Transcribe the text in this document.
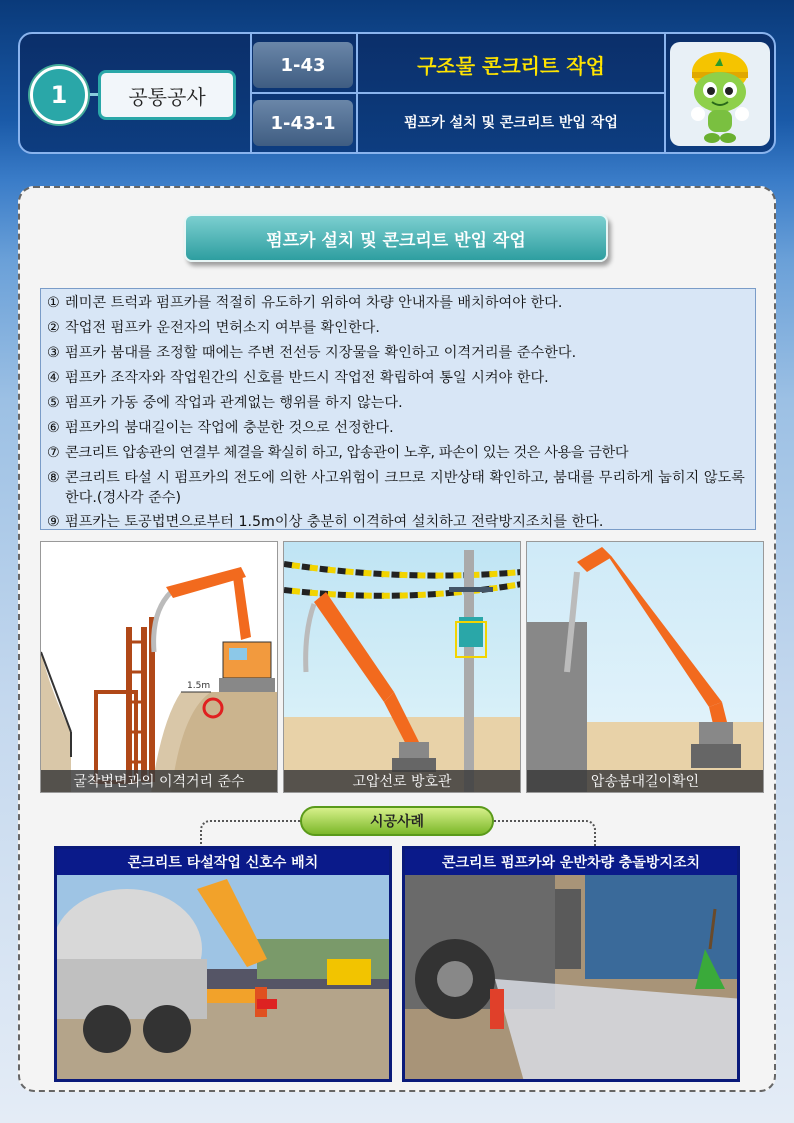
1	공통공사
1-43
1-43-1
구조물 콘크리트 작업
펌프카 설치 및 콘크리트 반입 작업
펌프카 설치 및 콘크리트 반입 작업
① 레미콘 트럭과 펌프카를 적절히 유도하기 위하여 차량 안내자를 배치하여야 한다.
② 작업전 펌프카 운전자의 면허소지 여부를 확인한다.
③ 펌프카 붐대를 조정할 때에는 주변 전선등 지장물을 확인하고 이격거리를 준수한다.
④ 펌프카 조작자와 작업원간의 신호를 반드시 작업전 확립하여 통일 시켜야 한다.
⑤ 펌프카 가동 중에 작업과 관계없는 행위를 하지 않는다.
⑥ 펌프카의 붐대길이는 작업에 충분한 것으로 선정한다.
⑦ 콘크리트 압송관의 연결부 체결을 확실히 하고, 압송관이 노후, 파손이 있는 것은 사용을 금한다
⑧ 콘크리트 타설 시 펌프카의 전도에 의한 사고위험이 크므로 지반상태 확인하고, 붐대를 무리하게 눕히지 않도록 한다.(경사각 준수)
⑨ 펌프카는 토공법면으로부터 1.5m이상 충분히 이격하여 설치하고 전락방지조치를 한다.
1.5m
굴착법면과의 이격거리 준수	고압선로 방호관	압송붐대길이확인
시공사례
콘크리트 타설작업 신호수 배치	콘크리트 펌프카와 운반차량 충돌방지조치
